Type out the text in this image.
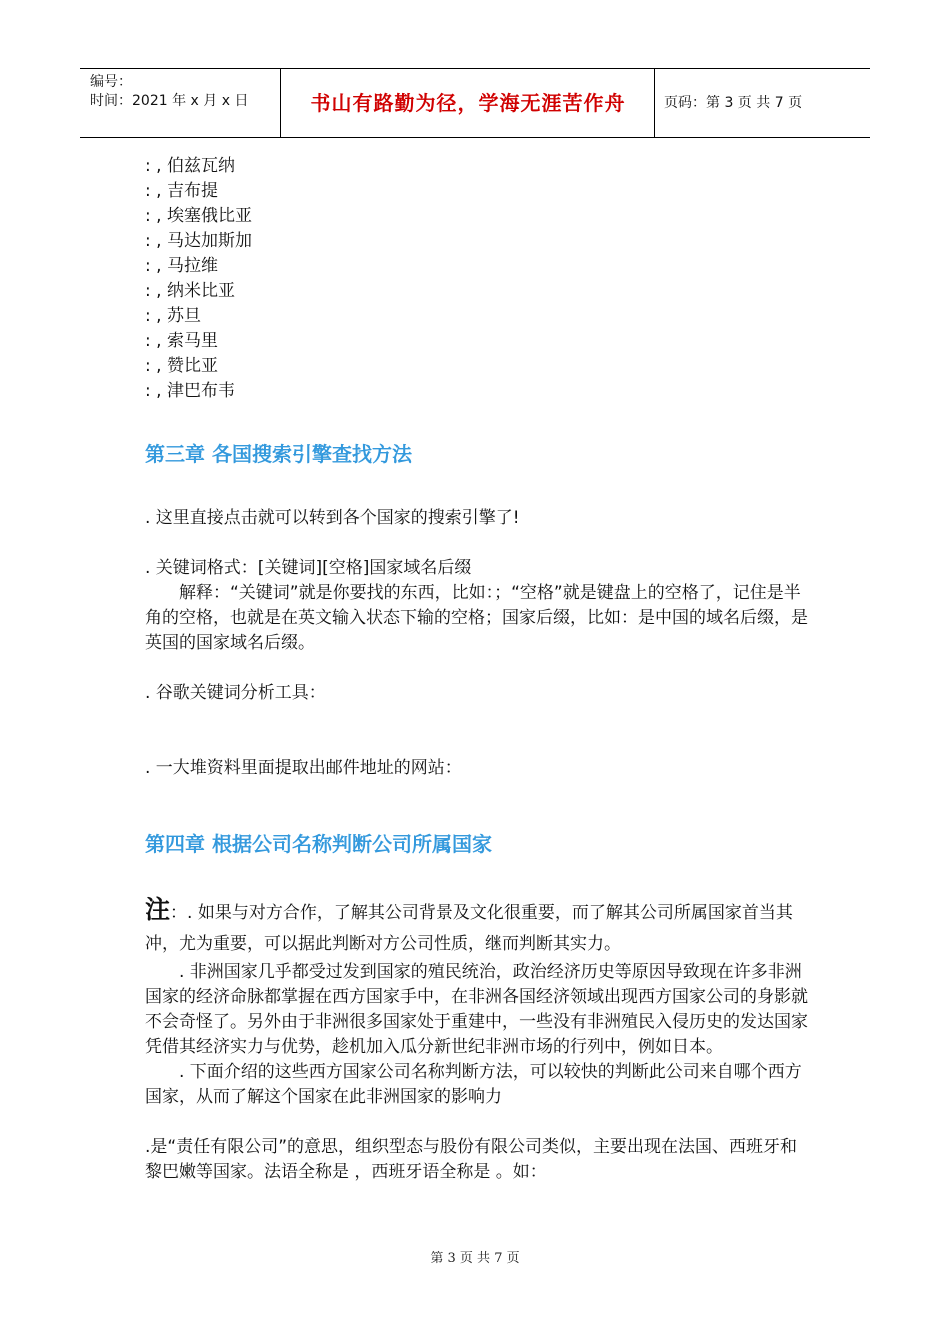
编号：
时间：2021 年 x 月 x 日	书山有路勤为径，学海无涯苦作舟	页码：第 3 页 共 7 页
: , 伯兹瓦纳
: , 吉布提
: , 埃塞俄比亚
: , 马达加斯加
: , 马拉维
: , 纳米比亚
: , 苏旦
: , 索马里
: , 赞比亚
: , 津巴布韦
第三章 各国搜索引擎查找方法

. 这里直接点击就可以转到各个国家的搜索引擎了!

. 关键词格式：[关键词][空格]国家域名后缀

解释：“关键词”就是你要找的东西，比如：；“空格”就是键盘上的空格了，记住是半角的空格，也就是在英文输入状态下输的空格；国家后缀，比如：是中国的域名后缀，是英国的国家域名后缀。

. 谷歌关键词分析工具：

. 一大堆资料里面提取出邮件地址的网站：

第四章 根据公司名称判断公司所属国家

注：. 如果与对方合作，了解其公司背景及文化很重要，而了解其公司所属国家首当其冲，尤为重要，可以据此判断对方公司性质，继而判断其实力。

. 非洲国家几乎都受过发到国家的殖民统治，政治经济历史等原因导致现在许多非洲国家的经济命脉都掌握在西方国家手中，在非洲各国经济领域出现西方国家公司的身影就不会奇怪了。另外由于非洲很多国家处于重建中，一些没有非洲殖民入侵历史的发达国家凭借其经济实力与优势，趁机加入瓜分新世纪非洲市场的行列中，例如日本。

. 下面介绍的这些西方国家公司名称判断方法，可以较快的判断此公司来自哪个西方国家，从而了解这个国家在此非洲国家的影响力

.是“责任有限公司”的意思，组织型态与股份有限公司类似，主要出现在法国、西班牙和黎巴嫩等国家。法语全称是 ，西班牙语全称是 。如：

第 3 页 共 7 页
